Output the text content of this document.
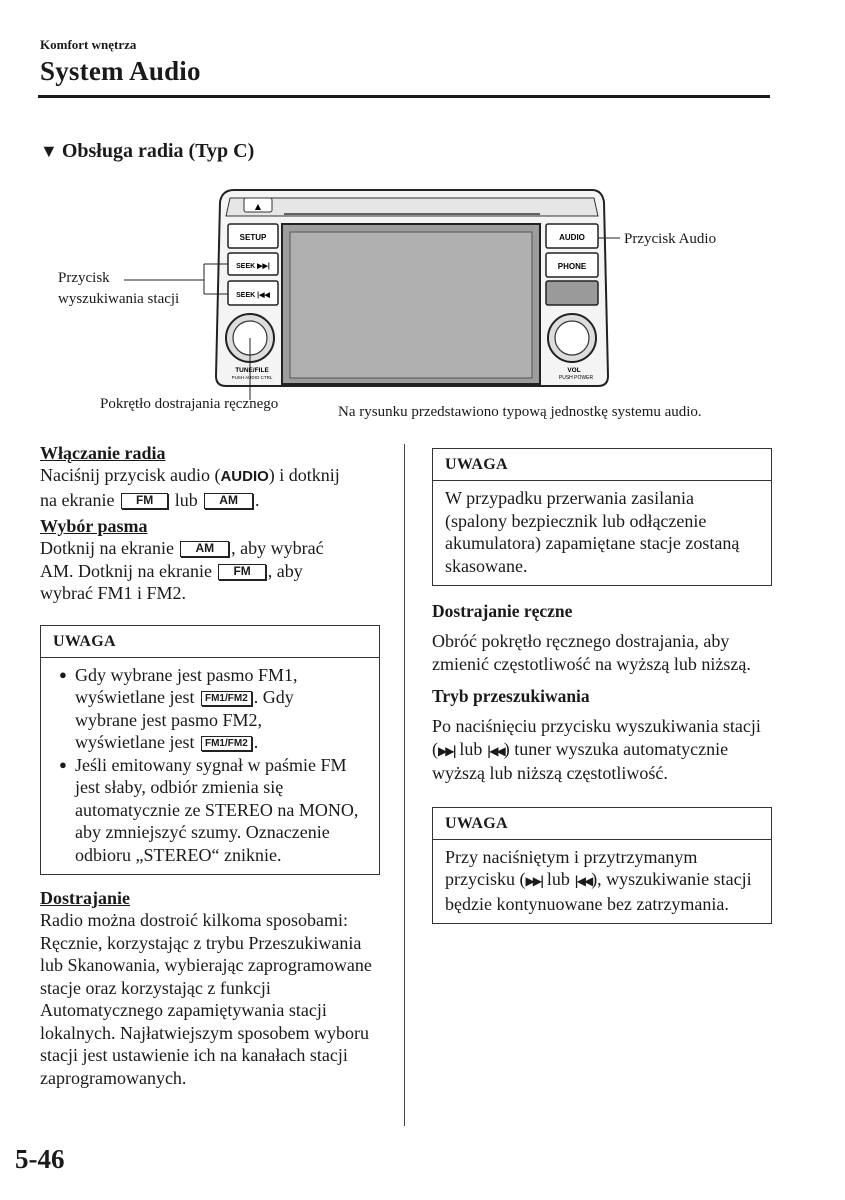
Komfort wnętrza
System Audio
▼ Obsługa radia (Typ C)
▲
SETUP
SEEK ▶▶|
SEEK |◀◀
TUNE/FILE
PUSH AUDIO CTRL
AUDIO
PHONE
VOL
PUSH POWER
Przycisk Audio
Przycisk
wyszukiwania stacji
Pokrętło dostrajania ręcznego	Na rysunku przedstawiono typową jednostkę systemu audio.

Włączanie radia

Naciśnij przycisk audio (AUDIO) i dotknij
na ekranie FM lub AM .

Wybór pasma

Dotknij na ekranie AM , aby wybrać
AM. Dotknij na ekranie FM , aby
wybrać FM1 i FM2.

UWAGA
● Gdy wybrane jest pasmo FM1,
wyświetlane jest FM1/FM2 . Gdy
wybrane jest pasmo FM2,
wyświetlane jest FM1/FM2 .
● Jeśli emitowany sygnał w paśmie FM jest słaby, odbiór zmienia się automatycznie ze STEREO na MONO, aby zmniejszyć szumy. Oznaczenie odbioru „STEREO“ zniknie.

Dostrajanie

Radio można dostroić kilkoma sposobami: Ręcznie, korzystając z trybu Przeszukiwania lub Skanowania, wybierając zaprogramowane stacje oraz korzystając z funkcji Automatycznego zapamiętywania stacji lokalnych. Najłatwiejszym sposobem wyboru stacji jest ustawienie ich na kanałach stacji zaprogramowanych.

UWAGA

W przypadku przerwania zasilania (spalony bezpiecznik lub odłączenie akumulatora) zapamiętane stacje zostaną skasowane.

Dostrajanie ręczne

Obróć pokrętło ręcznego dostrajania, aby zmienić częstotliwość na wyższą lub niższą.

Tryb przeszukiwania

Po naciśnięciu przycisku wyszukiwania stacji (▶▶| lub |◀◀) tuner wyszuka automatycznie wyższą lub niższą częstotliwość.

UWAGA

Przy naciśniętym i przytrzymanym przycisku (▶▶| lub |◀◀), wyszukiwanie stacji będzie kontynuowane bez zatrzymania.

5-46
